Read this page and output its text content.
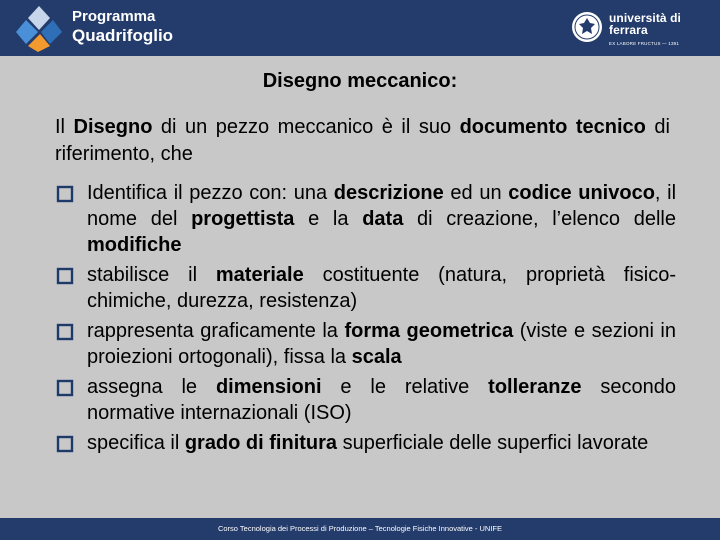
Programma
Quadrifoglio
università di ferrara
EX LABORE FRUCTUS — 1391
Disegno meccanico:

Il Disegno di un pezzo meccanico è il suo documento tecnico di riferimento, che

Identifica il pezzo con: una descrizione ed un codice univoco, il nome del progettista e la data di creazione, l’elenco delle modifiche
stabilisce il materiale costituente (natura, proprietà fisico-chimiche, durezza, resistenza)
rappresenta graficamente la forma geometrica (viste e sezioni in proiezioni ortogonali), fissa la scala
assegna le dimensioni e le relative tolleranze secondo normative internazionali (ISO)
specifica il grado di finitura superficiale delle superfici lavorate
Corso Tecnologia dei Processi di Produzione – Tecnologie Fisiche Innovative - UNIFE
